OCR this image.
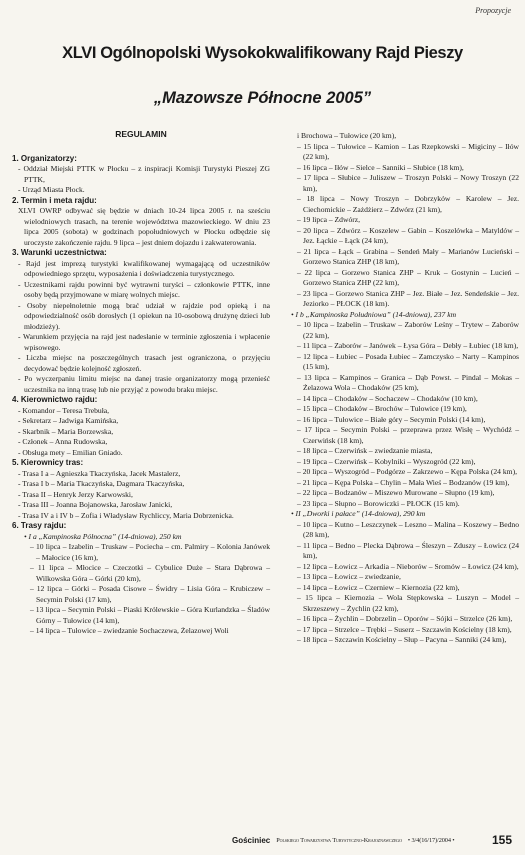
Propozycje
XLVI Ogólnopolski Wysokokwalifikowany Rajd Pieszy
„Mazowsze Północne 2005”
REGULAMIN
1. Organizatorzy:
- Oddział Miejski PTTK w Płocku – z inspiracji Komisji Turystyki Pieszej ZG PTTK,
- Urząd Miasta Płock.
2. Termin i meta rajdu:
XLVI OWRP odbywać się będzie w dniach 10-24 lipca 2005 r. na sześciu wielodniowych trasach, na terenie województwa mazowieckiego. W dniu 23 lipca 2005 (sobota) w godzinach popołudniowych w Płocku odbędzie się uroczyste zakończenie rajdu. 9 lipca – jest dniem dojazdu i zakwaterowania.
3. Warunki uczestnictwa:
- Rajd jest imprezą turystyki kwalifikowanej wymagającą od uczestników odpowiedniego sprzętu, wyposażenia i doświadczenia turystycznego.
- Uczestnikami rajdu powinni być wytrawni turyści – członkowie PTTK, inne osoby będą przyjmowane w miarę wolnych miejsc.
- Osoby niepełnoletnie mogą brać udział w rajdzie pod opieką i na odpowiedzialność osób dorosłych (1 opiekun na 10-osobową drużynę dzieci lub młodzieży).
- Warunkiem przyjęcia na rajd jest nadesłanie w terminie zgłoszenia i wpłacenie wpisowego.
- Liczba miejsc na poszczególnych trasach jest ograniczona, o przyjęciu decydować będzie kolejność zgłoszeń.
- Po wyczerpaniu limitu miejsc na danej trasie organizatorzy mogą przenieść uczestnika na inną trasę lub nie przyjąć z powodu braku miejsc.
4. Kierownictwo rajdu:
- Komandor – Teresa Trebuła,
- Sekretarz – Jadwiga Kamińska,
- Skarbnik – Maria Borzewska,
- Członek – Anna Rudowska,
- Obsługa mety – Emilian Gniado.
5. Kierownicy tras:
- Trasa I a – Agnieszka Tkaczyńska, Jacek Mastalerz,
- Trasa I b – Maria Tkaczyńska, Dagmara Tkaczyńska,
- Trasa II – Henryk Jerzy Karwowski,
- Trasa III – Joanna Bojanowska, Jarosław Janicki,
- Trasa IV a i IV b – Zofia i Władysław Rychliccy, Maria Dobrzenicka.
6. Trasy rajdu:
• I a „Kampinoska Północna” (14-dniowa), 250 km
– 10 lipca – Izabelin – Truskaw – Pociecha – cm. Palmiry – Kolonia Janówek – Małocice (16 km),
– 11 lipca – Młocice – Czeczotki – Cybulice Duże – Stara Dąbrowa – Wilkowska Góra – Górki (20 km),
– 12 lipca – Górki – Posada Cisowe – Świdry – Lisia Góra – Krubiczew – Secymin Polski (17 km),
– 13 lipca – Secymin Polski – Piaski Królewskie – Góra Kurlandzka – Śladów Górny – Tułowice (14 km),
– 14 lipca – Tułowice – zwiedzanie Sochaczewa, Żelazowej Woli
i Brochowa – Tułowice (20 km),
– 15 lipca – Tułowice – Kamion – Las Rzepkowski – Migiciny – Iłów (22 km),
– 16 lipca – Iłów – Sielce – Sanniki – Słubice (18 km),
– 17 lipca – Słubice – Juliszew – Troszyn Polski – Nowy Troszyn (22 km),
– 18 lipca – Nowy Troszyn – Dobrzyków – Karolew – Jez. Ciechomickie – Zażdżierz – Zdwórz (21 km),
– 19 lipca – Zdwórz,
– 20 lipca – Zdwórz – Koszelew – Gabin – Koszelówka – Matyldów – Jez. Łąckie – Łąck (24 km),
– 21 lipca – Łąck – Grabina – Sendeń Mały – Marianów Lucieński – Gorzewo Stanica ZHP (18 km),
– 22 lipca – Gorzewo Stanica ZHP – Kruk – Gostynin – Lucień – Gorzewo Stanica ZHP (22 km),
– 23 lipca – Gorzewo Stanica ZHP – Jez. Białe – Jez. Sendeńskie – Jez. Jeziorko – PŁOCK (18 km).
• I b „Kampinoska Południowa” (14-dniowa), 237 km
– 10 lipca – Izabelin – Truskaw – Zaborów Leśny – Trytew – Zaborów (22 km),
– 11 lipca – Zaborów – Janówek – Łysa Góra – Debły – Łubiec (18 km),
– 12 lipca – Łubiec – Posada Łubiec – Zamczysko – Narty – Kampinos (15 km),
– 13 lipca – Kampinos – Granica – Dąb Powst. – Pindal – Mokas – Żelazowa Wola – Chodaków (25 km),
– 14 lipca – Chodaków – Sochaczew – Chodaków (10 km),
– 15 lipca – Chodaków – Brochów – Tułowice (19 km),
– 16 lipca – Tułowice – Białe góry – Secymin Polski (14 km),
– 17 lipca – Secymin Polski – przeprawa przez Wisłę – Wychódź – Czerwińsk (18 km),
– 18 lipca – Czerwińsk – zwiedzanie miasta,
– 19 lipca – Czerwińsk – Kobylniki – Wyszogród (22 km),
– 20 lipca – Wyszogród – Podgórze – Zakrzewo – Kępa Polska (24 km),
– 21 lipca – Kępa Polska – Chylin – Mała Wieś – Bodzanów (19 km),
– 22 lipca – Bodzanów – Miszewo Murowane – Słupno (19 km),
– 23 lipca – Słupno – Borowiczki – PŁOCK (15 km).
• II „Dworki i pałace” (14-dniowa), 290 km
– 10 lipca – Kutno – Leszczynek – Leszno – Malina – Koszewy – Bedno (28 km),
– 11 lipca – Bedno – Plecka Dąbrowa – Śleszyn – Zduszy – Łowicz (24 km),
– 12 lipca – Łowicz – Arkadia – Nieborów – Sromów – Łowicz (24 km),
– 13 lipca – Łowicz – zwiedzanie,
– 14 lipca – Łowicz – Czerniew – Kiernozia (22 km),
– 15 lipca – Kiernozia – Wola Stępkowska – Luszyn – Model – Skrzeszewy – Żychlin (22 km),
– 16 lipca – Żychlin – Dobrzelin – Oporów – Sójki – Strzelce (26 km),
– 17 lipca – Strzelce – Trębki – Suserz – Szczawin Kościelny (18 km),
– 18 lipca – Szczawin Kościelny – Słup – Pacyna – Sanniki (24 km),
Gościniec Polskiego Towarzystwa Turystyczno-Krajoznawczego • 3/4(16/17)/2004 •	155
